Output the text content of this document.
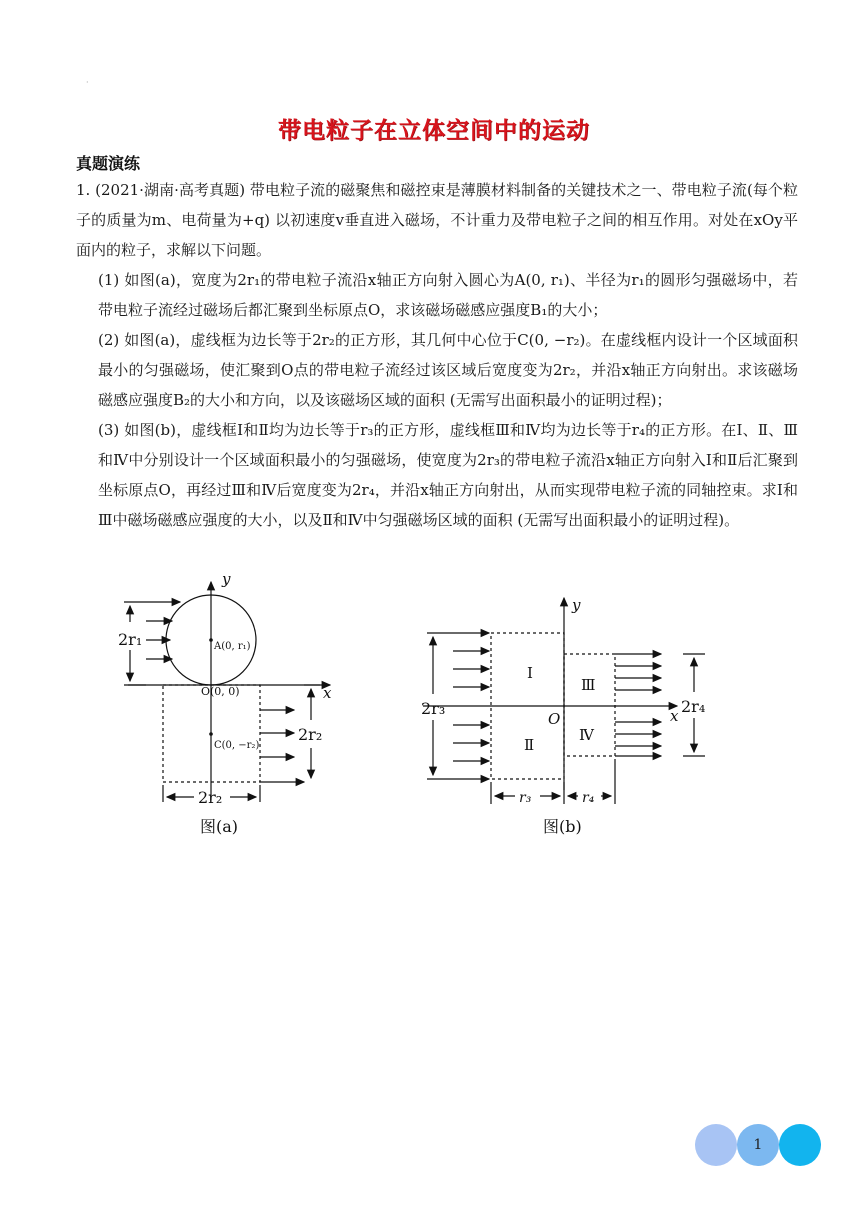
·
带电粒子在立体空间中的运动
真题演练
1. (2021·湖南·高考真题) 带电粒子流的磁聚焦和磁控束是薄膜材料制备的关键技术之一、带电粒子流(每个粒子的质量为m、电荷量为+q) 以初速度v垂直进入磁场，不计重力及带电粒子之间的相互作用。对处在xOy平面内的粒子，求解以下问题。
(1) 如图(a)，宽度为2r₁的带电粒子流沿x轴正方向射入圆心为A(0, r₁)、半径为r₁的圆形匀强磁场中，若带电粒子流经过磁场后都汇聚到坐标原点O，求该磁场磁感应强度B₁的大小；
(2) 如图(a)，虚线框为边长等于2r₂的正方形，其几何中心位于C(0, −r₂)。在虚线框内设计一个区域面积最小的匀强磁场，使汇聚到O点的带电粒子流经过该区域后宽度变为2r₂，并沿x轴正方向射出。求该磁场磁感应强度B₂的大小和方向，以及该磁场区域的面积 (无需写出面积最小的证明过程)；
(3) 如图(b)，虚线框Ⅰ和Ⅱ均为边长等于r₃的正方形，虚线框Ⅲ和Ⅳ均为边长等于r₄的正方形。在Ⅰ、Ⅱ、Ⅲ和Ⅳ中分别设计一个区域面积最小的匀强磁场，使宽度为2r₃的带电粒子流沿x轴正方向射入Ⅰ和Ⅱ后汇聚到坐标原点O，再经过Ⅲ和Ⅳ后宽度变为2r₄，并沿x轴正方向射出，从而实现带电粒子流的同轴控束。求Ⅰ和Ⅲ中磁场磁感应强度的大小，以及Ⅱ和Ⅳ中匀强磁场区域的面积 (无需写出面积最小的证明过程)。
y
x
A(0, r₁)
O(0, 0)
C(0, −r₂)
2r₁
2r₂
2r₂
图(a)
y
x
O
Ⅰ
Ⅱ
Ⅲ
Ⅳ
2r₃	2r₄
r₃	r₄
图(b)
1
